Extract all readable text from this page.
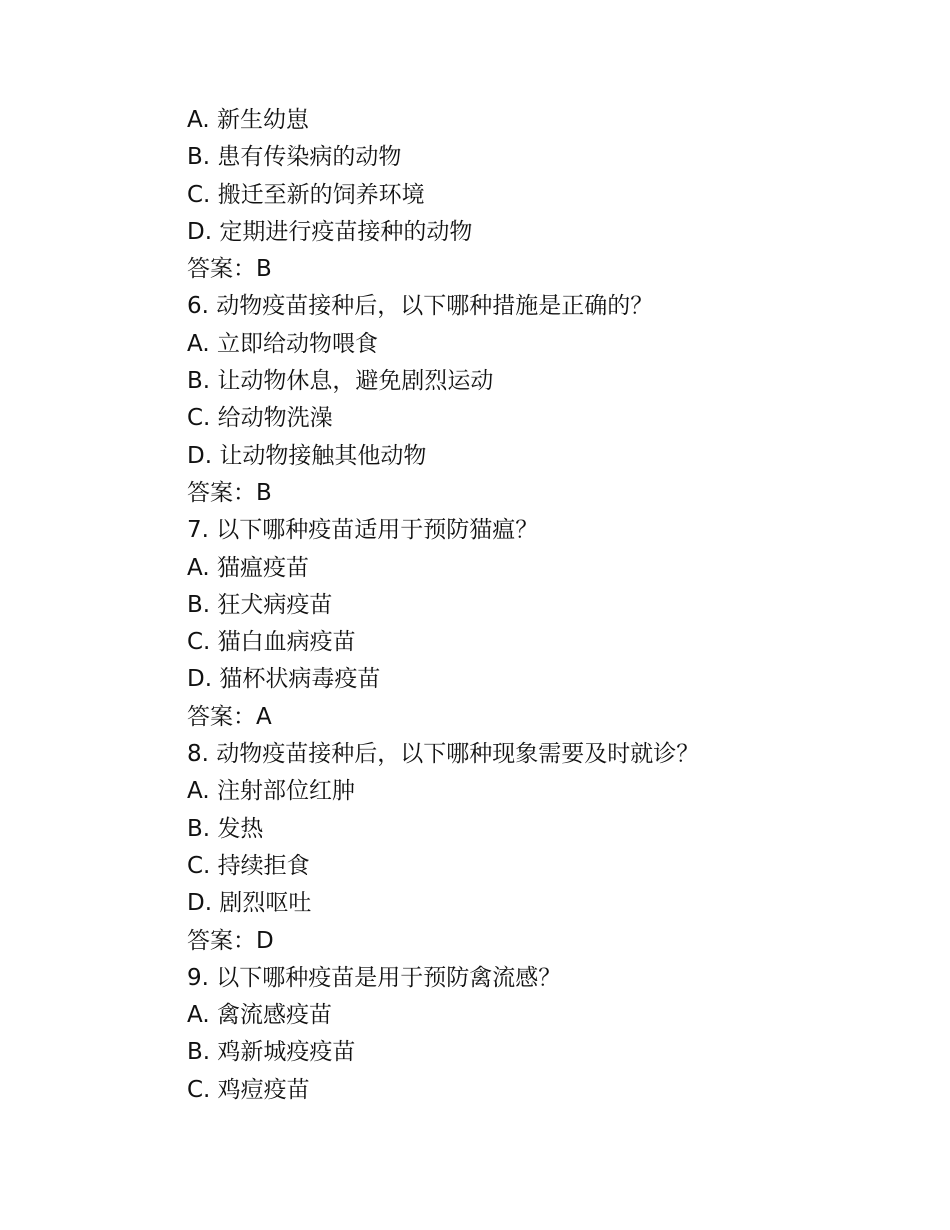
A. 新生幼崽
B. 患有传染病的动物
C. 搬迁至新的饲养环境
D. 定期进行疫苗接种的动物
答案：B
6. 动物疫苗接种后，以下哪种措施是正确的？
A. 立即给动物喂食
B. 让动物休息，避免剧烈运动
C. 给动物洗澡
D. 让动物接触其他动物
答案：B
7. 以下哪种疫苗适用于预防猫瘟？
A. 猫瘟疫苗
B. 狂犬病疫苗
C. 猫白血病疫苗
D. 猫杯状病毒疫苗
答案：A
8. 动物疫苗接种后，以下哪种现象需要及时就诊？
A. 注射部位红肿
B. 发热
C. 持续拒食
D. 剧烈呕吐
答案：D
9. 以下哪种疫苗是用于预防禽流感？
A. 禽流感疫苗
B. 鸡新城疫疫苗
C. 鸡痘疫苗
